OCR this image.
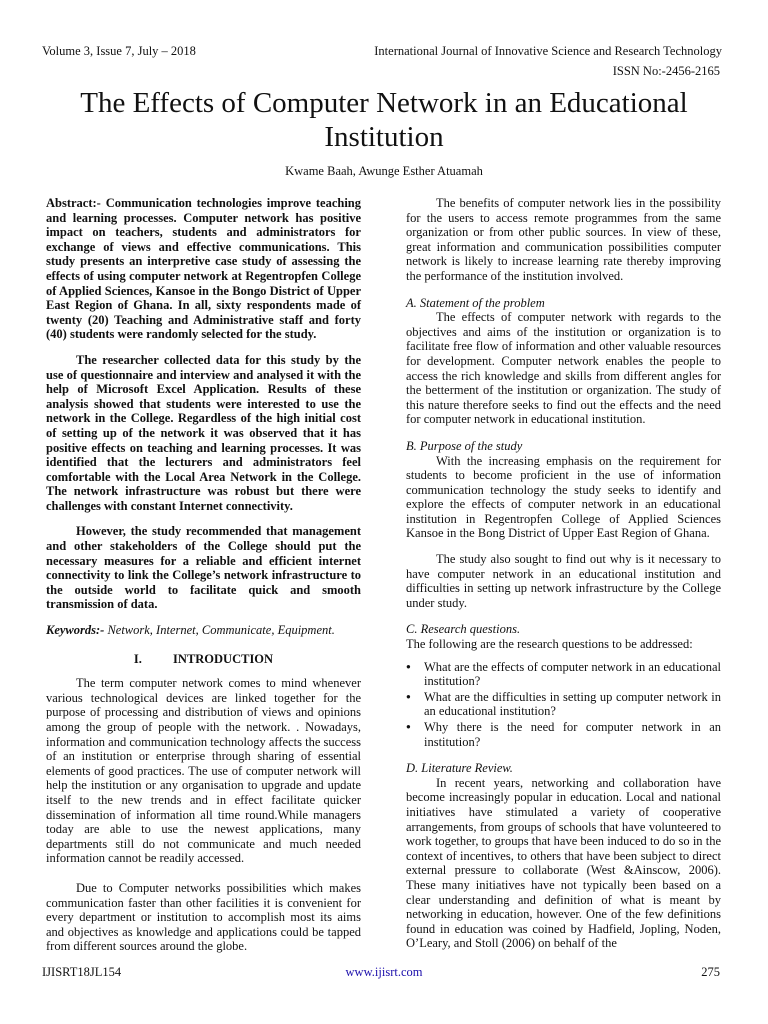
Volume 3, Issue 7, July – 2018	International Journal of Innovative Science and Research Technology
ISSN No:-2456-2165
The Effects of Computer Network in an Educational Institution
Kwame Baah, Awunge Esther Atuamah

Abstract:- Communication technologies improve teaching and learning processes. Computer network has positive impact on teachers, students and administrators for exchange of views and effective communications. This study presents an interpretive case study of assessing the effects of using computer network at Regentropfen College of Applied Sciences, Kansoe in the Bongo District of Upper East Region of Ghana. In all, sixty respondents made of twenty (20) Teaching and Administrative staff and forty (40) students were randomly selected for the study.

The researcher collected data for this study by the use of questionnaire and interview and analysed it with the help of Microsoft Excel Application. Results of these analysis showed that students were interested to use the network in the College. Regardless of the high initial cost of setting up of the network it was observed that it has positive effects on teaching and learning processes. It was identified that the lecturers and administrators feel comfortable with the Local Area Network in the College. The network infrastructure was robust but there were challenges with constant Internet connectivity.

However, the study recommended that management and other stakeholders of the College should put the necessary measures for a reliable and efficient internet connectivity to link the College’s network infrastructure to the outside world to facilitate quick and smooth transmission of data.

Keywords:- Network, Internet, Communicate, Equipment.

I. INTRODUCTION

The term computer network comes to mind whenever various technological devices are linked together for the purpose of processing and distribution of views and opinions among the group of people with the network. . Nowadays, information and communication technology affects the success of an institution or enterprise through sharing of essential elements of good practices. The use of computer network will help the institution or any organisation to upgrade and update itself to the new trends and in effect facilitate quicker dissemination of information all time round.While managers today are able to use the newest applications, many departments still do not communicate and much needed information cannot be readily accessed.

Due to Computer networks possibilities which makes communication faster than other facilities it is convenient for every department or institution to accomplish most its aims and objectives as knowledge and applications could be tapped from different sources around the globe.

The benefits of computer network lies in the possibility for the users to access remote programmes from the same organization or from other public sources. In view of these, great information and communication possibilities computer network is likely to increase learning rate thereby improving the performance of the institution involved.

A. Statement of the problem

The effects of computer network with regards to the objectives and aims of the institution or organization is to facilitate free flow of information and other valuable resources for development. Computer network enables the people to access the rich knowledge and skills from different angles for the betterment of the institution or organization. The study of this nature therefore seeks to find out the effects and the need for computer network in educational institution.

B. Purpose of the study

With the increasing emphasis on the requirement for students to become proficient in the use of information communication technology the study seeks to identify and explore the effects of computer network in an educational institution in Regentropfen College of Applied Sciences Kansoe in the Bong District of Upper East Region of Ghana.

The study also sought to find out why is it necessary to have computer network in an educational institution and difficulties in setting up network infrastructure by the College under study.

C. Research questions.

The following are the research questions to be addressed:

● What are the effects of computer network in an educational institution?
● What are the difficulties in setting up computer network in an educational institution?
● Why there is the need for computer network in an institution?
D. Literature Review.

In recent years, networking and collaboration have become increasingly popular in education. Local and national initiatives have stimulated a variety of cooperative arrangements, from groups of schools that have volunteered to work together, to groups that have been induced to do so in the context of incentives, to others that have been subject to direct external pressure to collaborate (West &Ainscow, 2006). These many initiatives have not typically been based on a clear understanding and definition of what is meant by networking in education, however. One of the few definitions found in education was coined by Hadfield, Jopling, Noden, O’Leary, and Stoll (2006) on behalf of the

IJISRT18JL154	www.ijisrt.com	275
